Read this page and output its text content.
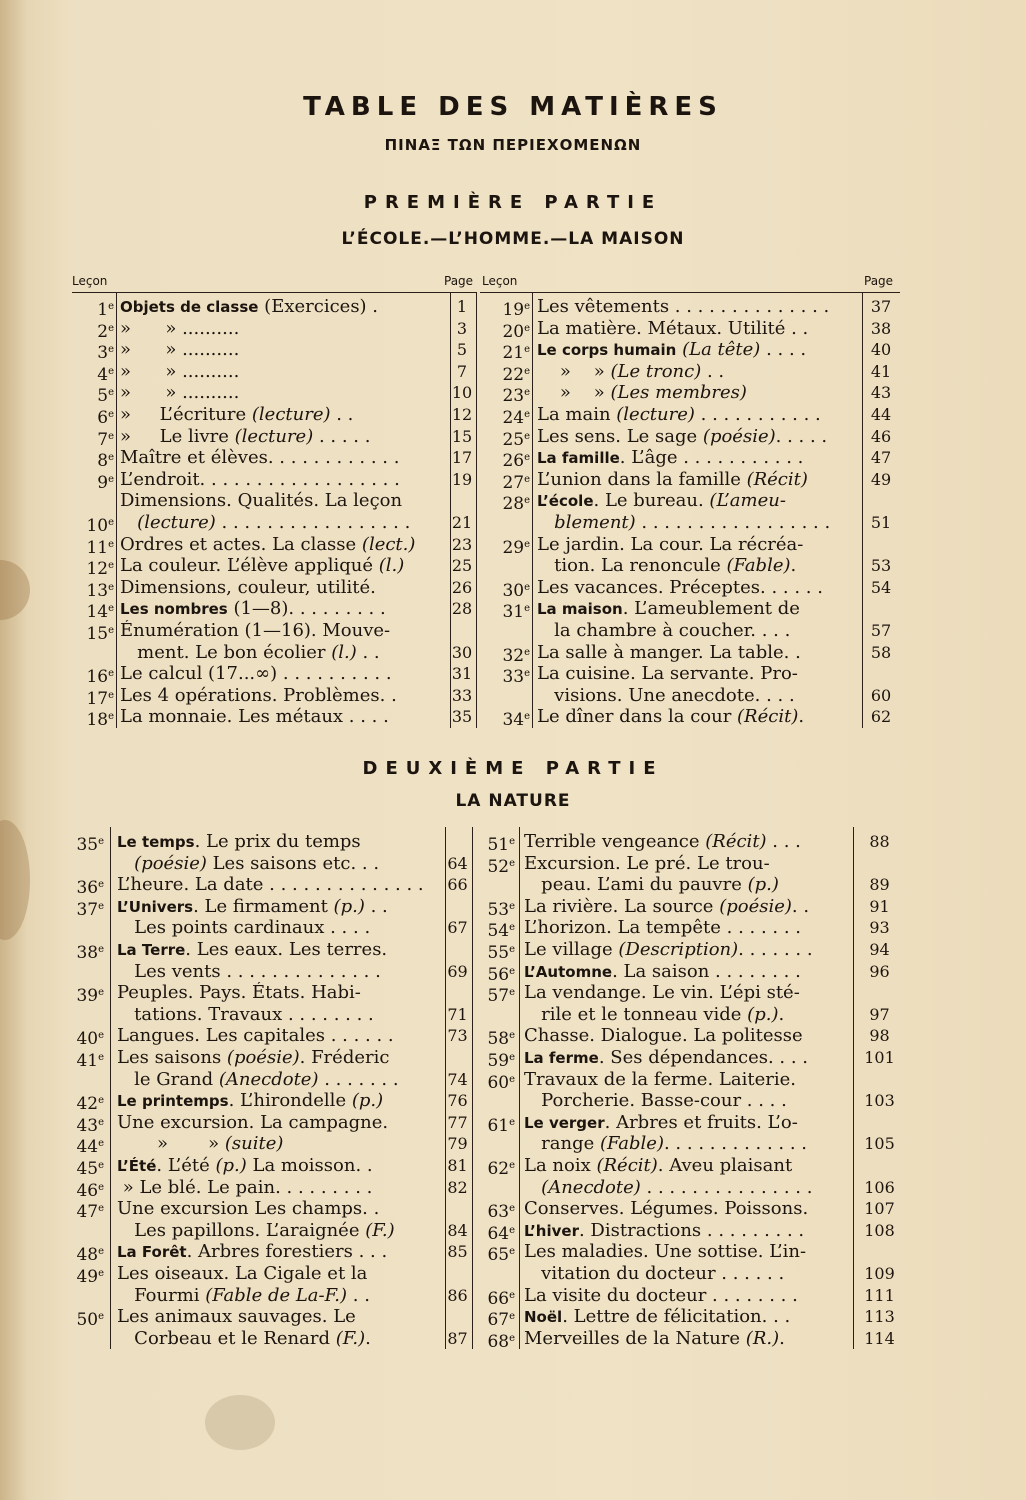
TABLE DES MATIÈRES
ΠΙΝΑΞ ΤΩΝ ΠΕΡΙΕΧΟΜΕΝΩΝ
PREMIÈRE PARTIE
L’ÉCOLE.—L’HOMME.—LA MAISON
Leçon	Page Leçon	Page
1e Objets de classe (Exercices) .	1
2e »      » ..........	3
3e »      » ..........	5
4e »      » ..........	7
5e »      » ..........	10
6e »     L’écriture (lecture) . .	12
7e »     Le livre (lecture) . . . . .	15
8e Maître et élèves. . . . . . . . . . . .	17
9e L’endroit. . . . . . . . . . . . . . . . . .	19
Dimensions. Qualités. La leçon
10e	(lecture) . . . . . . . . . . . . . . . . .	21
11e Ordres et actes. La classe (lect.)	23
12e La couleur. L’élève appliqué (l.)	25
13e Dimensions, couleur, utilité.	26
14e Les nombres (1—8). . . . . . . . .	28
15e Énumération (1—16). Mouve-
ment. Le bon écolier (l.) . .	30
16e Le calcul (17...∞) . . . . . . . . . .	31
17e Les 4 opérations. Problèmes. .	33
18e La monnaie. Les métaux . . . .	35
19e Les vêtements . . . . . . . . . . . . . .	37
20e La matière. Métaux. Utilité . .	38
21e Le corps humain (La tête) . . . .	40
22e »    » (Le tronc) . .	41
23e »    » (Les membres)	43
24e La main (lecture) . . . . . . . . . . .	44
25e Les sens. Le sage (poésie). . . . .	46
26e La famille. L’âge . . . . . . . . . . .	47
27e L’union dans la famille (Récit)	49
28e L’école. Le bureau. (L’ameu-
blement) . . . . . . . . . . . . . . . . .	51
29e Le jardin. La cour. La récréa-
tion. La renoncule (Fable).	53
30e Les vacances. Préceptes. . . . . .	54
31e La maison. L’ameublement de
la chambre à coucher. . . .	57
32e La salle à manger. La table. .	58
33e La cuisine. La servante. Pro-
visions. Une anecdote. . . .	60
34e Le dîner dans la cour (Récit).	62
DEUXIÈME PARTIE
LA NATURE
35e Le temps. Le prix du temps
(poésie) Les saisons etc. . .	64
36e L’heure. La date . . . . . . . . . . . . . .	66
37e L’Univers. Le firmament (p.) . .
Les points cardinaux . . . .	67
38e La Terre. Les eaux. Les terres.
Les vents . . . . . . . . . . . . . .	69
39e Peuples. Pays. États. Habi-
tations. Travaux . . . . . . . .	71
40e Langues. Les capitales . . . . . .	73
41e Les saisons (poésie). Fréderic
le Grand (Anecdote) . . . . . . .	74
42e Le printemps. L’hirondelle (p.)	76
43e Une excursion. La campagne.	77
44e »       » (suite)	79
45e L’Été. L’été (p.) La moisson. .	81
46e » Le blé. Le pain. . . . . . . . .	82
47e Une excursion Les champs. .
Les papillons. L’araignée (F.)	84
48e La Forêt. Arbres forestiers . . .	85
49e Les oiseaux. La Cigale et la
Fourmi (Fable de La-F.) . .	86
50e Les animaux sauvages. Le
Corbeau et le Renard (F.).	87
51e Terrible vengeance (Récit) . . .	88
52e Excursion. Le pré. Le trou-
peau. L’ami du pauvre (p.)	89
53e La rivière. La source (poésie). .	91
54e L’horizon. La tempête . . . . . . .	93
55e Le village (Description). . . . . . .	94
56e L’Automne. La saison . . . . . . . .	96
57e La vendange. Le vin. L’épi sté-
rile et le tonneau vide (p.).	97
58e Chasse. Dialogue. La politesse	98
59e La ferme. Ses dépendances. . . .	101
60e Travaux de la ferme. Laiterie.
Porcherie. Basse-cour . . . .	103
61e Le verger. Arbres et fruits. L’o-
range (Fable). . . . . . . . . . . . .	105
62e La noix (Récit). Aveu plaisant
(Anecdote) . . . . . . . . . . . . . . .	106
63e Conserves. Légumes. Poissons.	107
64e L’hiver. Distractions . . . . . . . . .	108
65e Les maladies. Une sottise. L’in-
vitation du docteur . . . . . .	109
66e La visite du docteur . . . . . . . .	111
67e Noël. Lettre de félicitation. . .	113
68e Merveilles de la Nature (R.).	114
